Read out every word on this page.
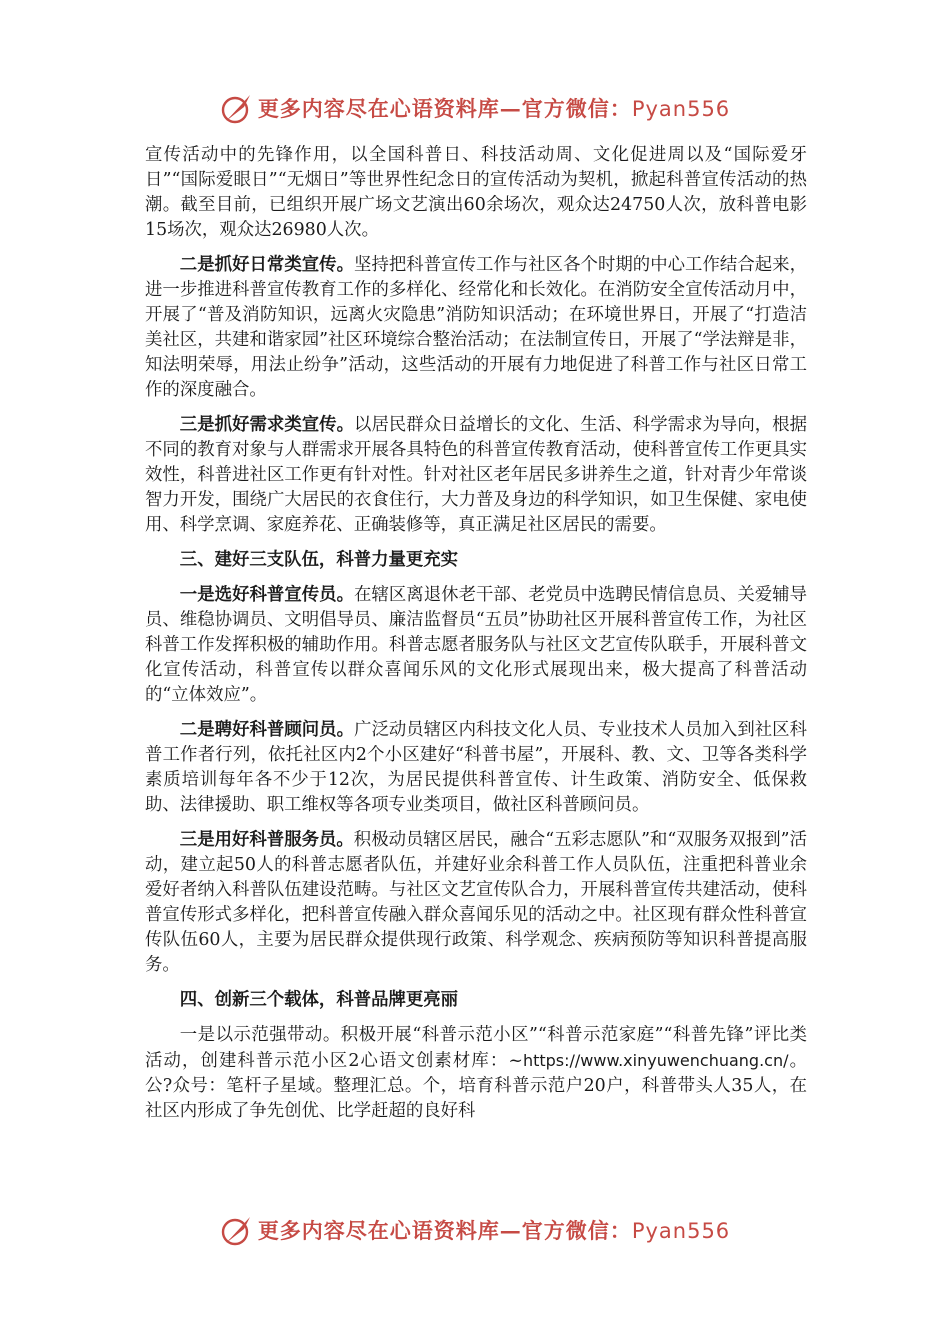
更多内容尽在心语资料库—官方微信：Pyan556

宣传活动中的先锋作用，以全国科普日、科技活动周、文化促进周以及“国际爱牙日”“国际爱眼日”“无烟日”等世界性纪念日的宣传活动为契机，掀起科普宣传活动的热潮。截至目前，已组织开展广场文艺演出60余场次，观众达24750人次，放科普电影15场次，观众达26980人次。

二是抓好日常类宣传。坚持把科普宣传工作与社区各个时期的中心工作结合起来，进一步推进科普宣传教育工作的多样化、经常化和长效化。在消防安全宣传活动月中，开展了“普及消防知识，远离火灾隐患”消防知识活动；在环境世界日，开展了“打造洁美社区，共建和谐家园”社区环境综合整治活动；在法制宣传日，开展了“学法辩是非，知法明荣辱，用法止纷争”活动，这些活动的开展有力地促进了科普工作与社区日常工作的深度融合。

三是抓好需求类宣传。以居民群众日益增长的文化、生活、科学需求为导向，根据不同的教育对象与人群需求开展各具特色的科普宣传教育活动，使科普宣传工作更具实效性，科普进社区工作更有针对性。针对社区老年居民多讲养生之道，针对青少年常谈智力开发，围绕广大居民的衣食住行，大力普及身边的科学知识，如卫生保健、家电使用、科学烹调、家庭养花、正确装修等，真正满足社区居民的需要。

三、建好三支队伍，科普力量更充实

一是选好科普宣传员。在辖区离退休老干部、老党员中选聘民情信息员、关爱辅导员、维稳协调员、文明倡导员、廉洁监督员“五员”协助社区开展科普宣传工作，为社区科普工作发挥积极的辅助作用。科普志愿者服务队与社区文艺宣传队联手，开展科普文化宣传活动，科普宣传以群众喜闻乐风的文化形式展现出来，极大提高了科普活动的“立体效应”。

二是聘好科普顾问员。广泛动员辖区内科技文化人员、专业技术人员加入到社区科普工作者行列，依托社区内2个小区建好“科普书屋”，开展科、教、文、卫等各类科学素质培训每年各不少于12次，为居民提供科普宣传、计生政策、消防安全、低保救助、法律援助、职工维权等各项专业类项目，做社区科普顾问员。

三是用好科普服务员。积极动员辖区居民，融合“五彩志愿队”和“双服务双报到”活动，建立起50人的科普志愿者队伍，并建好业余科普工作人员队伍，注重把科普业余爱好者纳入科普队伍建设范畴。与社区文艺宣传队合力，开展科普宣传共建活动，使科普宣传形式多样化，把科普宣传融入群众喜闻乐见的活动之中。社区现有群众性科普宣传队伍60人，主要为居民群众提供现行政策、科学观念、疾病预防等知识科普提高服务。

四、创新三个载体，科普品牌更亮丽

一是以示范强带动。积极开展“科普示范小区”“科普示范家庭”“科普先锋”评比类活动，创建科普示范小区2心语文创素材库：~https://www.xinyuwenchuang.cn/。公?众号：笔杆子星域。整理汇总。个，培育科普示范户20户，科普带头人35人，在社区内形成了争先创优、比学赶超的良好科

更多内容尽在心语资料库—官方微信：Pyan556
